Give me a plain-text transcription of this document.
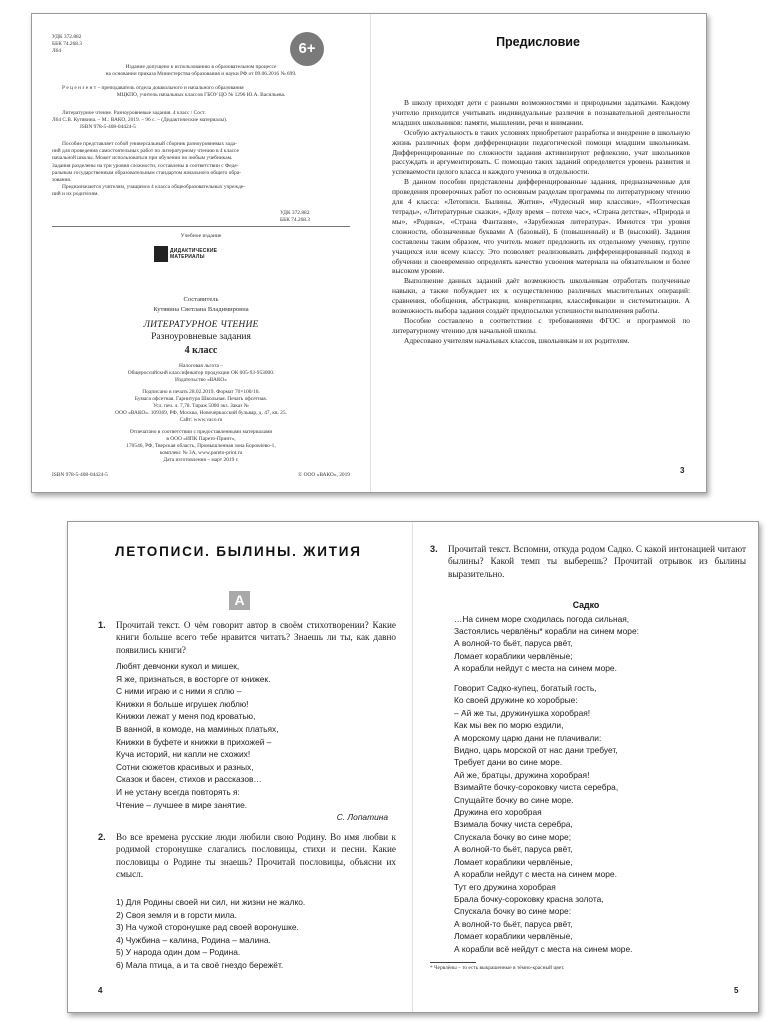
УДК 372.882
ББК 74.268.3
Л64	6+
Издание допущено к использованию в образовательном процессе
на основании приказа Министерства образования и науки РФ от 09.06.2016 № 699.
Р е ц е н з е н т – преподаватель отдела дошкольного и начального образования
МЦКПО, учитель начальных классов ГБОУ ЦО № 1296 Ю.А. Васильева.
Литературное чтение. Разноуровневые задания. 4 класс / Сост.
Л64 С.В. Кутявина. – М.: ВАКО, 2019. – 96 с. – (Дидактические материалы).
ISBN 978-5-408-04424-5
Пособие представляет собой универсальный сборник разноуровневых зада-
ний для проведения самостоятельных работ по литературному чтению в 4 классе
начальной школы. Может использоваться при обучении по любым учебникам.
Задания разделены на три уровня сложности, составлены в соответствии с Феде-
ральным государственным образовательным стандартом начального общего обра-
зования.
Предназначается учителям, учащимся 4 класса общеобразовательных учрежде-
ний и их родителям.
УДК 372.882
ББК 74.268.3
Учебное издание
ДИДАКТИЧЕСКИЕ
МАТЕРИАЛЫ
Составитель
Кутявина Светлана Владимировна
ЛИТЕРАТУРНОЕ ЧТЕНИЕ
Разноуровневые задания
4 класс
Налоговая льгота –
Общероссийский классификатор продукции ОК 005-93-953000.
Издательство «ВАКО»
Подписано в печать 28.02.2019. Формат 70×100/16.
Бумага офсетная. Гарнитура Школьная. Печать офсетная.
Усл. печ. л. 7,78. Тираж 5000 экз. Заказ №
ООО «ВАКО». 109369, РФ, Москва, Новочеркасский бульвар, д. 47, кв. 25.
Сайт: www.vaco.ru
Отпечатано в соответствии с предоставленными материалами
в ООО «ИПК Парето-Принт»,
170546, РФ, Тверская область, Промышленная зона Боровлево-1,
комплекс № 3А, www.pareto-print.ru
Дата изготовления – март 2019 г.
ISBN 978-5-408-04424-5	© ООО «ВАКО», 2019
Предисловие

В школу приходят дети с разными возможностями и природными задатками. Каждому учителю приходится учитывать индивидуальные различия в познавательной деятельности младших школьников: памяти, мышлении, речи и внимании.

Особую актуальность в таких условиях приобретают разработка и внедрение в школьную жизнь различных форм дифференциации педагогической помощи младшим школьникам. Дифференцированные по сложности задания активизируют рефлексию, учат школьников рассуждать и аргументировать. С помощью таких заданий определяется уровень развития и успеваемости целого класса и каждого ученика в отдельности.

В данном пособии представлены дифференцированные задания, предназначенные для проведения проверочных работ по основным разделам программы по литературному чтению для 4 класса: «Летописи. Былины. Жития», «Чудесный мир классики», «Поэтическая тетрадь», «Литературные сказки», «Делу время – потехе час», «Страна детства», «Природа и мы», «Родина», «Страна Фантазия», «Зарубежная литература». Имеются три уровня сложности, обозначенные буквами А (базовый), Б (повышенный) и В (высокий). Задания составлены таким образом, что учитель может предложить их отдельному ученику, группе учащихся или всему классу. Это позволяет реализовывать дифференцированный подход в обучении и своевременно определять качество усвоения материала на обязательном и более высоком уровне.

Выполнение данных заданий даёт возможность школьникам отработать полученные навыки, а также побуждает их к осуществлению различных мыслительных операций: сравнения, обобщения, абстракции, конкретизации, классификации и систематизации. А возможность выбора задания создаёт предпосылки успешности выполнения работы.

Пособие составлено в соответствии с требованиями ФГОС и программой по литературному чтению для начальной школы.

Адресовано учителям начальных классов, школьникам и их родителям.

3
ЛЕТОПИСИ. БЫЛИНЫ. ЖИТИЯ
А
1. Прочитай текст. О чём говорит автор в своём стихотворении? Какие книги больше всего тебе нравится читать? Знаешь ли ты, как давно появились книги?
Любят девчонки кукол и мишек,
Я же, признаться, в восторге от книжек.
С ними играю и с ними я сплю –
Книжки я больше игрушек люблю!
Книжки лежат у меня под кроватью,
В ванной, в комоде, на маминых платьях,
Книжки в буфете и книжки в прихожей –
Куча историй, ни капли не схожих!
Сотни сюжетов красивых и разных,
Сказок и басен, стихов и рассказов…
И не устану всегда повторять я:
Чтение – лучшее в мире занятие.
С. Лопатина
2. Во все времена русские люди любили свою Родину. Во имя любви к родимой сторонушке слагались пословицы, стихи и песни. Какие пословицы о Родине ты знаешь? Прочитай пословицы, объясни их смысл.
1) Для Родины своей ни сил, ни жизни не жалко.
2) Своя земля и в горсти мила.
3) На чужой сторонушке рад своей воронушке.
4) Чужбина – калина, Родина – малина.
5) У народа один дом – Родина.
6) Мала птица, а и та своё гнездо бережёт.
4
3. Прочитай текст. Вспомни, откуда родом Садко. С какой интонацией читают былины? Какой темп ты выберешь? Прочитай отрывок из былины выразительно.
Садко
…На синем море сходилась погода сильная,
Застоялись червлёны* корабли на синем море:
А волной-то бьёт, паруса рвёт,
Ломает кораблики червлёные;
А корабли нейдут с места на синем море.
Говорит Садко-купец, богатый гость,
Ко своей дружине ко хоробрые:
– Ай же ты, дружинушка хоробрая!
Как мы век по морю ездили,
А морскому царю дани не плачивали:
Видно, царь морской от нас дани требует,
Требует дани во сине море.
Ай же, братцы, дружина хоробрая!
Взимайте бочку-сороковку чиста серебра,
Спущайте бочку во сине море.
Дружина его хоробрая
Взимала бочку чиста серебра,
Спускала бочку во сине море;
А волной-то бьёт, паруса рвёт,
Ломает кораблики червлёные,
А корабли нейдут с места на синем море.
Тут его дружина хоробрая
Брала бочку-сороковку красна золота,
Спускала бочку во сине море:
А волной-то бьёт, паруса рвёт,
Ломает кораблики червлёные,
А корабли всё нейдут с места на синем море.
* Червлёны – то есть выкрашенные в тёмно-красный цвет.
5
